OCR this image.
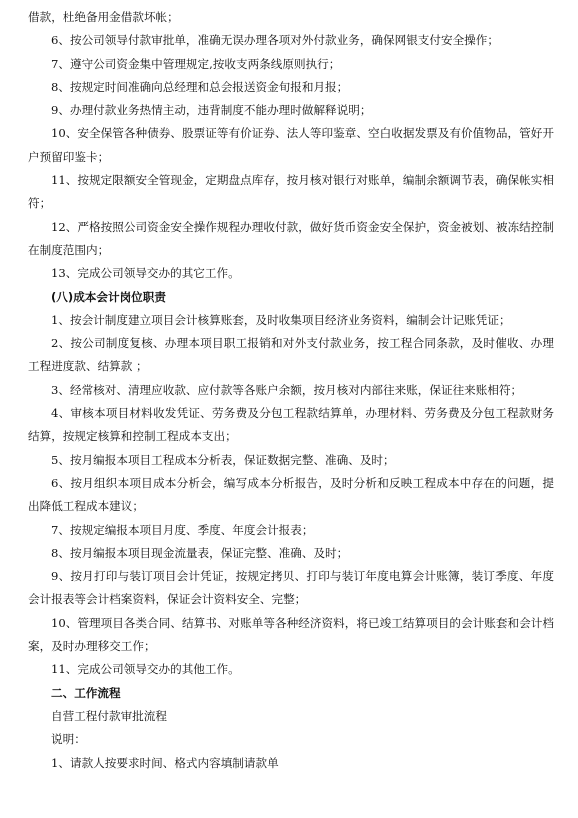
借款，杜绝备用金借款坏帐；

6、按公司领导付款审批单，准确无误办理各项对外付款业务，确保网银支付安全操作；

7、遵守公司资金集中管理规定,按收支两条线原则执行；

8、按规定时间准确向总经理和总会报送资金旬报和月报；

9、办理付款业务热情主动，违背制度不能办理时做解释说明；

10、安全保管各种债券、股票证等有价证券、法人等印鉴章、空白收据发票及有价值物品，管好开户预留印鉴卡；

11、按规定限额安全管现金，定期盘点库存，按月核对银行对账单，编制余额调节表，确保帐实相符；

12、严格按照公司资金安全操作规程办理收付款，做好货币资金安全保护，资金被划、被冻结控制在制度范围内；

13、完成公司领导交办的其它工作。

(八)成本会计岗位职责

1、按会计制度建立项目会计核算账套，及时收集项目经济业务资料，编制会计记账凭证；

2、按公司制度复核、办理本项目职工报销和对外支付款业务，按工程合同条款，及时催收、办理工程进度款、结算款 ；

3、经常核对、清理应收款、应付款等各账户余额，按月核对内部往来账，保证往来账相符；

4、审核本项目材料收发凭证、劳务费及分包工程款结算单，办理材料、劳务费及分包工程款财务结算，按规定核算和控制工程成本支出；

5、按月编报本项目工程成本分析表，保证数据完整、准确、及时；

6、按月组织本项目成本分析会，编写成本分析报告，及时分析和反映工程成本中存在的问题，提出降低工程成本建议；

7、按规定编报本项目月度、季度、年度会计报表；

8、按月编报本项目现金流量表，保证完整、准确、及时；

9、按月打印与装订项目会计凭证，按规定拷贝、打印与装订年度电算会计账簿，装订季度、年度会计报表等会计档案资料，保证会计资料安全、完整；

10、管理项目各类合同、结算书、对账单等各种经济资料，将已竣工结算项目的会计账套和会计档案，及时办理移交工作；

11、完成公司领导交办的其他工作。

二、工作流程

自营工程付款审批流程

说明：

1、请款人按要求时间、格式内容填制请款单
